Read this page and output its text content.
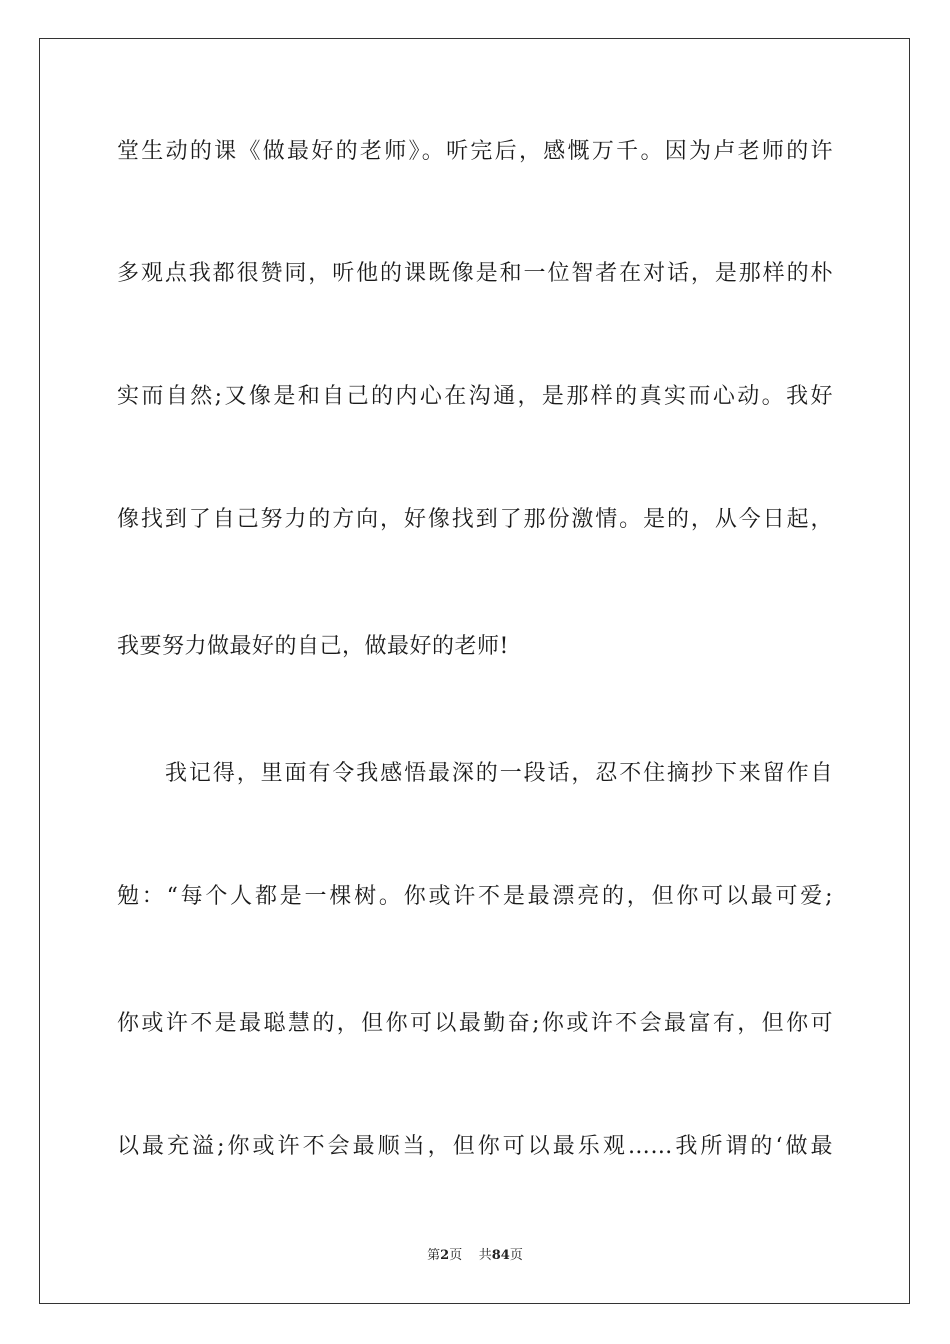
堂生动的课《做最好的老师》。听完后，感慨万千。因为卢老师的许
多观点我都很赞同，听他的课既像是和一位智者在对话，是那样的朴
实而自然;又像是和自己的内心在沟通，是那样的真实而心动。我好
像找到了自己努力的方向，好像找到了那份激情。是的，从今日起，
我要努力做最好的自己，做最好的老师!
我记得，里面有令我感悟最深的一段话，忍不住摘抄下来留作自
勉：“每个人都是一棵树。你或许不是最漂亮的，但你可以最可爱;
你或许不是最聪慧的，但你可以最勤奋;你或许不会最富有，但你可
以最充溢;你或许不会最顺当，但你可以最乐观……我所谓的‘做最
第2页 共84页
